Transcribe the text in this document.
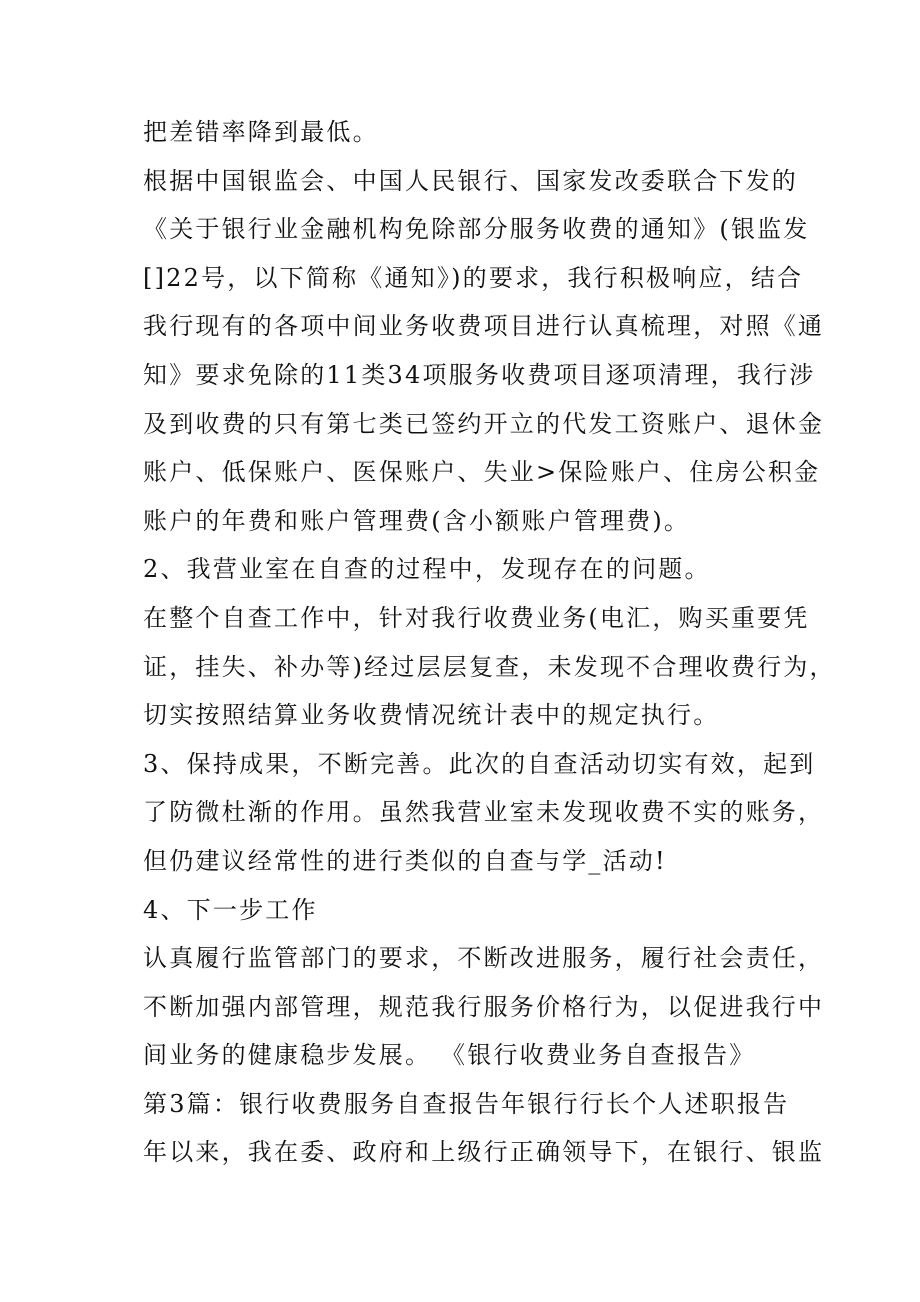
把差错率降到最低。
根据中国银监会、中国人民银行、国家发改委联合下发的
《关于银行业金融机构免除部分服务收费的通知》(银监发
[]22号，以下简称《通知》)的要求，我行积极响应，结合
我行现有的各项中间业务收费项目进行认真梳理，对照《通
知》要求免除的11类34项服务收费项目逐项清理，我行涉
及到收费的只有第七类已签约开立的代发工资账户、退休金
账户、低保账户、医保账户、失业>保险账户、住房公积金
账户的年费和账户管理费(含小额账户管理费)。
2、我营业室在自查的过程中，发现存在的问题。
在整个自查工作中，针对我行收费业务(电汇，购买重要凭
证，挂失、补办等)经过层层复查，未发现不合理收费行为，
切实按照结算业务收费情况统计表中的规定执行。
3、保持成果，不断完善。此次的自查活动切实有效，起到
了防微杜渐的作用。虽然我营业室未发现收费不实的账务，
但仍建议经常性的进行类似的自查与学_活动!
4、下一步工作
认真履行监管部门的要求，不断改进服务，履行社会责任，
不断加强内部管理，规范我行服务价格行为，以促进我行中
间业务的健康稳步发展。 《银行收费业务自查报告》
第3篇：银行收费服务自查报告年银行行长个人述职报告
年以来，我在委、政府和上级行正确领导下，在银行、银监
